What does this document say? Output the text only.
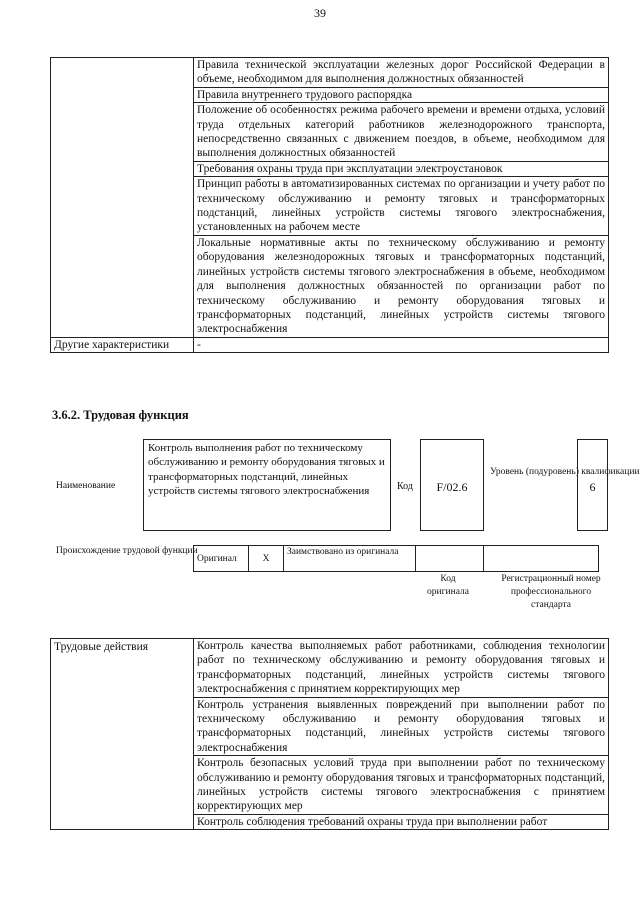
39
	Правила технической эксплуатации железных дорог Российской Федерации в объеме, необходимом для выполнения должностных обязанностей
	Правила внутреннего трудового распорядка
	Положение об особенностях режима рабочего времени и времени отдыха, условий труда отдельных категорий работников железнодорожного транспорта, непосредственно связанных с движением поездов, в объеме, необходимом для выполнения должностных обязанностей
	Требования охраны труда при эксплуатации электроустановок
	Принцип работы в автоматизированных системах по организации и учету работ по техническому обслуживанию и ремонту тяговых и трансформаторных подстанций, линейных устройств системы тягового электроснабжения, установленных на рабочем месте
	Локальные нормативные акты по техническому обслуживанию и ремонту оборудования железнодорожных тяговых и трансформаторных подстанций, линейных устройств системы тягового электроснабжения в объеме, необходимом для выполнения должностных обязанностей по организации работ по техническому обслуживанию и ремонту оборудования тяговых и трансформаторных подстанций, линейных устройств системы тягового электроснабжения
Другие характеристики	-
3.6.2. Трудовая функция
Наименование
Контроль выполнения работ по техническому обслуживанию и ремонту оборудования тяговых и трансформаторных подстанций, линейных устройств системы тягового электроснабжения	Код	F/02.6
Уровень (подуровень) квалификации
6
Происхождение трудовой функции
Оригинал	X	Заимствовано из оригинала		
Код оригинала
Регистрационный номер профессионального стандарта
Трудовые действия	Контроль качества выполняемых работ работниками, соблюдения технологии работ по техническому обслуживанию и ремонту оборудования тяговых и трансформаторных подстанций, линейных устройств системы тягового электроснабжения с принятием корректирующих мер
Контроль устранения выявленных повреждений при выполнении работ по техническому обслуживанию и ремонту оборудования тяговых и трансформаторных подстанций, линейных устройств системы тягового электроснабжения
Контроль безопасных условий труда при выполнении работ по техническому обслуживанию и ремонту оборудования тяговых и трансформаторных подстанций, линейных устройств системы тягового электроснабжения с принятием корректирующих мер
Контроль соблюдения требований охраны труда при выполнении работ
